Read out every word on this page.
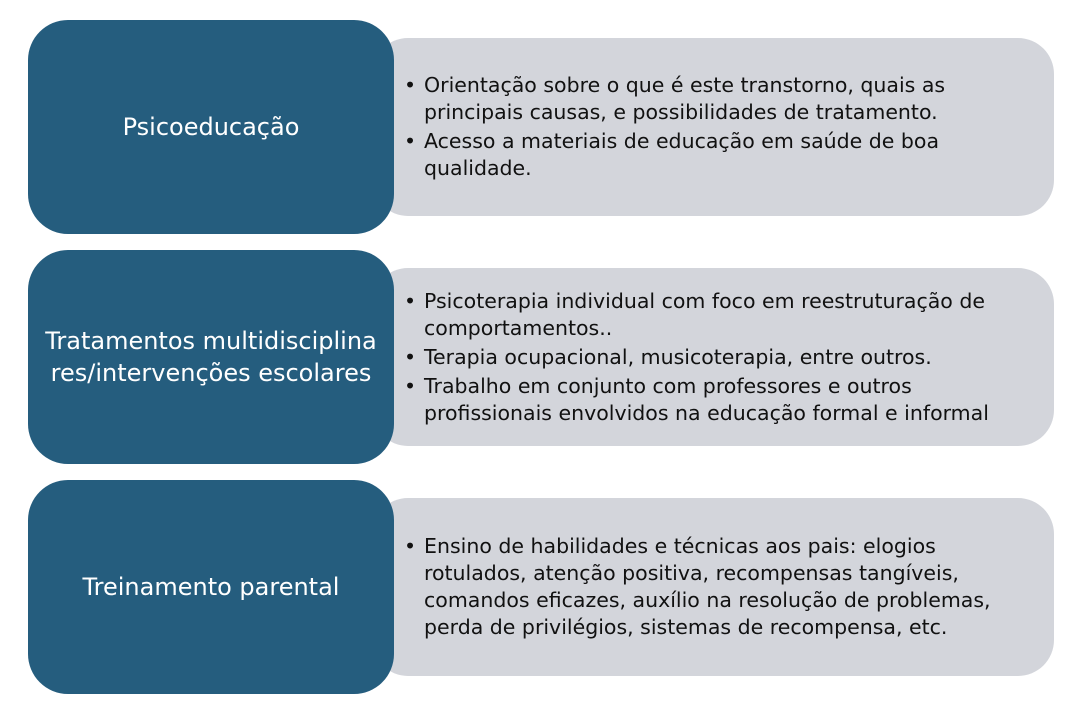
• Orientação sobre o que é este transtorno, quais as principais causas, e possibilidades de tratamento.
• Acesso a materiais de educação em saúde de boa qualidade.
Psicoeducação
• Psicoterapia individual com foco em reestruturação de comportamentos..
• Terapia ocupacional, musicoterapia, entre outros.
• Trabalho em conjunto com professores e outros profissionais envolvidos na educação formal e informal
Tratamentos multidisciplinares/intervenções escolares
• Ensino de habilidades e técnicas aos pais: elogios rotulados, atenção positiva, recompensas tangíveis, comandos eficazes, auxílio na resolução de problemas, perda de privilégios, sistemas de recompensa, etc.
Treinamento parental
